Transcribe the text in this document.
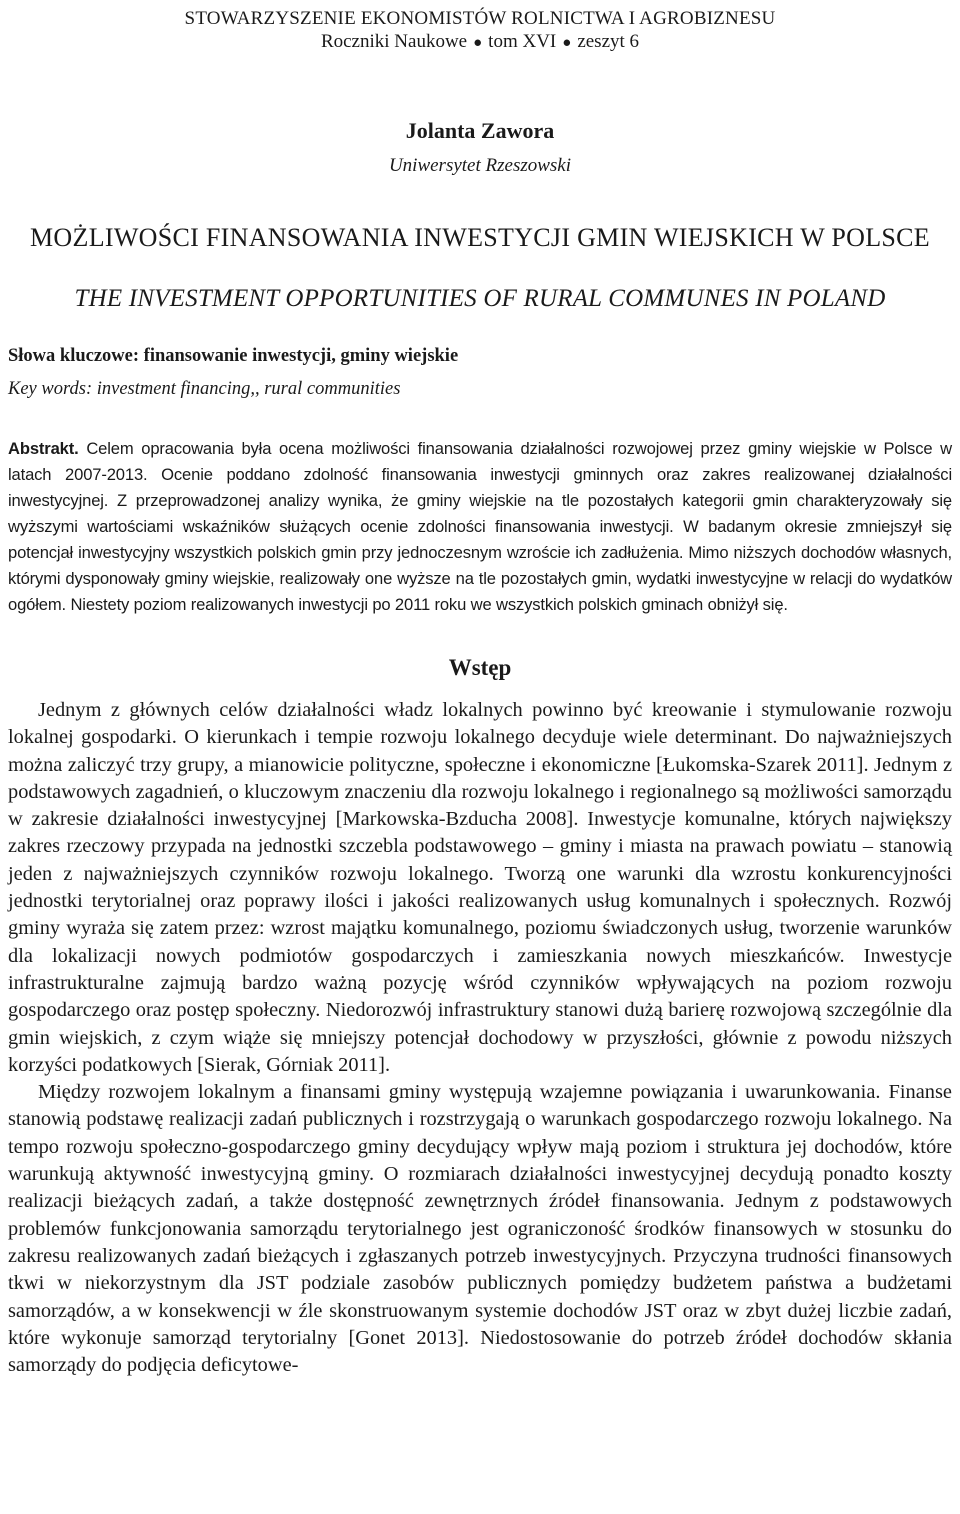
STOWARZYSZENIE EKONOMISTÓW ROLNICTWA I AGROBIZNESU
Roczniki Naukowe ● tom XVI ● zeszyt 6
Jolanta Zawora
Uniwersytet Rzeszowski
MOŻLIWOŚCI FINANSOWANIA INWESTYCJI GMIN WIEJSKICH W POLSCE
THE INVESTMENT OPPORTUNITIES OF RURAL COMMUNES IN POLAND
Słowa kluczowe: finansowanie inwestycji, gminy wiejskie
Key words: investment financing,, rural communities
Abstrakt. Celem opracowania była ocena możliwości finansowania działalności rozwojowej przez gminy wiejskie w Polsce w latach 2007-2013. Ocenie poddano zdolność finansowania inwestycji gminnych oraz zakres realizowanej działalności inwestycyjnej. Z przeprowadzonej analizy wynika, że gminy wiejskie na tle pozostałych kategorii gmin charakteryzowały się wyższymi wartościami wskaźników służących ocenie zdolności finansowania inwestycji. W badanym okresie zmniejszył się potencjał inwestycyjny wszystkich polskich gmin przy jednoczesnym wzroście ich zadłużenia. Mimo niższych dochodów własnych, którymi dysponowały gminy wiejskie, realizowały one wyższe na tle pozostałych gmin, wydatki inwestycyjne w relacji do wydatków ogółem. Niestety poziom realizowanych inwestycji po 2011 roku we wszystkich polskich gminach obniżył się.
Wstęp

Jednym z głównych celów działalności władz lokalnych powinno być kreowanie i stymulowanie rozwoju lokalnej gospodarki. O kierunkach i tempie rozwoju lokalnego decyduje wiele determinant. Do najważniejszych można zaliczyć trzy grupy, a mianowicie polityczne, społeczne i ekonomiczne [Łukomska-Szarek 2011]. Jednym z podstawowych zagadnień, o kluczowym znaczeniu dla rozwoju lokalnego i regionalnego są możliwości samorządu w zakresie działalności inwestycyjnej [Markowska-Bzducha 2008]. Inwestycje komunalne, których największy zakres rzeczowy przypada na jednostki szczebla podstawowego – gminy i miasta na prawach powiatu – stanowią jeden z najważniejszych czynników rozwoju lokalnego. Tworzą one warunki dla wzrostu konkurencyjności jednostki terytorialnej oraz poprawy ilości i jakości realizowanych usług komunalnych i społecznych. Rozwój gminy wyraża się zatem przez: wzrost majątku komunalnego, poziomu świadczonych usług, tworzenie warunków dla lokalizacji nowych podmiotów gospodarczych i zamieszkania nowych mieszkańców. Inwestycje infrastrukturalne zajmują bardzo ważną pozycję wśród czynników wpływających na poziom rozwoju gospodarczego oraz postęp społeczny. Niedorozwój infrastruktury stanowi dużą barierę rozwojową szczególnie dla gmin wiejskich, z czym wiąże się mniejszy potencjał dochodowy w przyszłości, głównie z powodu niższych korzyści podatkowych [Sierak, Górniak 2011].

Między rozwojem lokalnym a finansami gminy występują wzajemne powiązania i uwarunkowania. Finanse stanowią podstawę realizacji zadań publicznych i rozstrzygają o warunkach gospodarczego rozwoju lokalnego. Na tempo rozwoju społeczno-gospodarczego gminy decydujący wpływ mają poziom i struktura jej dochodów, które warunkują aktywność inwestycyjną gminy. O rozmiarach działalności inwestycyjnej decydują ponadto koszty realizacji bieżących zadań, a także dostępność zewnętrznych źródeł finansowania. Jednym z podstawowych problemów funkcjonowania samorządu terytorialnego jest ograniczoność środków finansowych w stosunku do zakresu realizowanych zadań bieżących i zgłaszanych potrzeb inwestycyjnych. Przyczyna trudności finansowych tkwi w niekorzystnym dla JST podziale zasobów publicznych pomiędzy budżetem państwa a budżetami samorządów, a w konsekwencji w źle skonstruowanym systemie dochodów JST oraz w zbyt dużej liczbie zadań, które wykonuje samorząd terytorialny [Gonet 2013]. Niedostosowanie do potrzeb źródeł dochodów skłania samorządy do podjęcia deficytowe-
